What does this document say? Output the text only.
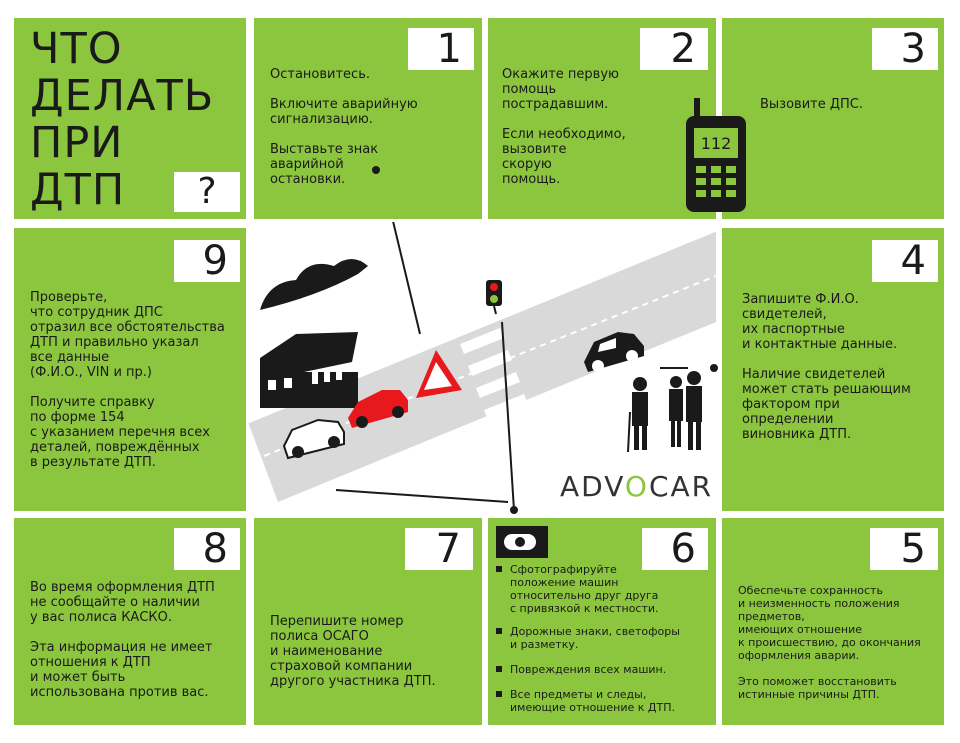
ЧТО
ДЕЛАТЬ
ПРИ
ДТП	?
1

Остановитесь.

Включите аварийную
сигнализацию.

Выставьте знак
аварийной
остановки.

2

Окажите первую
помощь
пострадавшим.

Если необходимо,
вызовите
скорую
помощь.

3

Вызовите ДПС.

9

Проверьте,
что сотрудник ДПС
отразил все обстоятельства
ДТП и правильно указал
все данные
(Ф.И.О., VIN и пр.)

Получите справку
по форме 154
с указанием перечня всех
деталей, повреждённых
в результате ДТП.

4

Запишите Ф.И.О.
свидетелей,
их паспортные
и контактные данные.

Наличие свидетелей
может стать решающим
фактором при
определении
виновника ДТП.

8

Во время оформления ДТП
не сообщайте о наличии
у вас полиса КАСКО.

Эта информация не имеет
отношения к ДТП
и может быть
использована против вас.

7

Перепишите номер
полиса ОСАГО
и наименование
страховой компании
другого участника ДТП.

6

Сфотографируйте
положение машин
относительно друг друга
с привязкой к местности.

Дорожные знаки, светофоры
и разметку.

Повреждения всех машин.

Все предметы и следы,
имеющие отношение к ДТП.

5

Обеспечьте сохранность
и неизменность положения
предметов,
имеющих отношение
к происшествию, до окончания
оформления аварии.

Это поможет восстановить
истинные причины ДТП.

112
ADVOCAR
